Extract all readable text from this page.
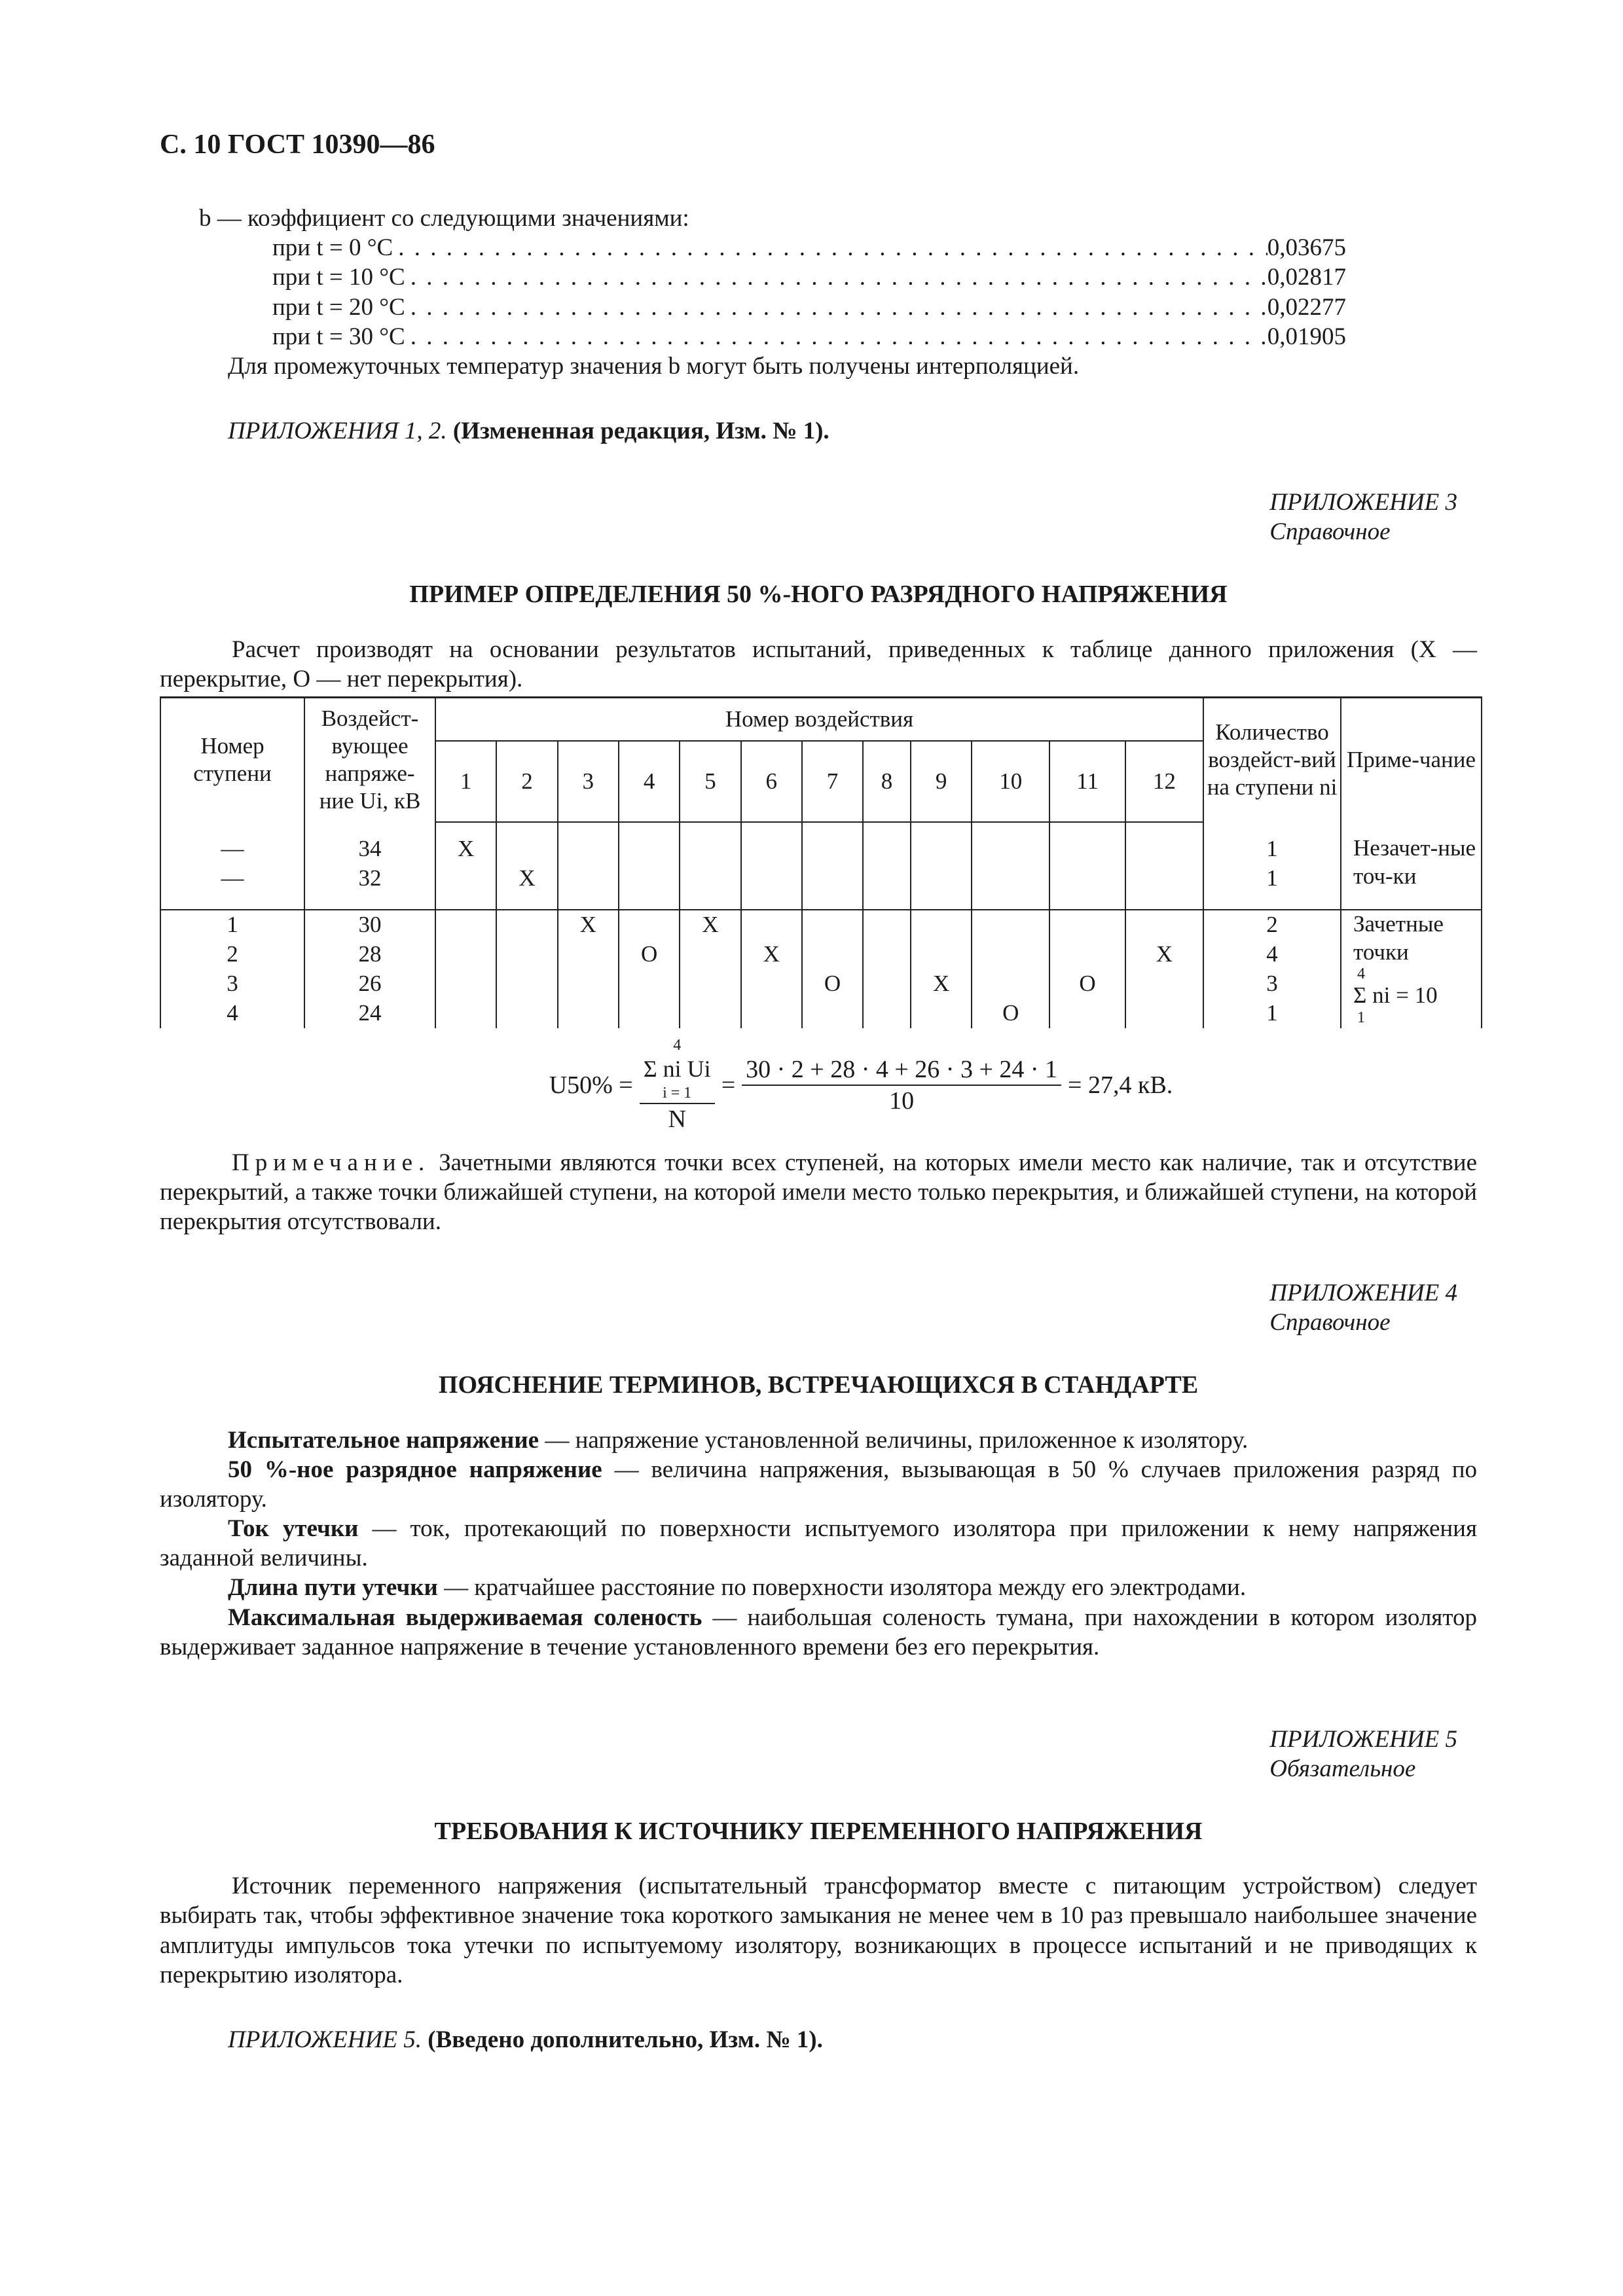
С. 10 ГОСТ 10390—86
b — коэффициент со следующими значениями:
при t = 0 °C . . .	0,03675
при t = 10 °C . . .	0,02817
при t = 20 °C . . .	0,02277
при t = 30 °C . . .	0,01905

Для промежуточных температур значения b могут быть получены интерполяцией.

ПРИЛОЖЕНИЯ 1, 2. (Измененная редакция, Изм. № 1).

ПРИЛОЖЕНИЕ 3
Справочное
ПРИМЕР ОПРЕДЕЛЕНИЯ 50 %-НОГО РАЗРЯДНОГО НАПРЯЖЕНИЯ

Расчет производят на основании результатов испытаний, приведенных к таблице данного приложения (Х — перекрытие, О — нет перекрытия).

Номер ступени	Воздейст-вующее напряже-ние Ui, кВ	Номер воздействия												Количество воздейст-вий на ступени ni	Приме-чание
		1	2	3	4	5	6	7	8	9	10	11	12		

—	34	X												1	Незачет-ные точ-ки
—	32		X											1	

1	30			X		X								2	Зачетные точки
4
Σ ni = 10
1

2	28				O		X						X	4	
3	26							O		X		O		3	
4	24										O			1	
U50% = 4
Σ ni Ui
i = 1
$N = \frac{30 \cdot 2 + 28 \cdot 4 + 26 \cdot 3 + 24 \cdot 1}{10} = 27,4$ кВ.

Примечание. Зачетными являются точки всех ступеней, на которых имели место как наличие, так и отсутствие перекрытий, а также точки ближайшей ступени, на которой имели место только перекрытия, и ближайшей ступени, на которой перекрытия отсутствовали.

ПРИЛОЖЕНИЕ 4
Справочное
ПОЯСНЕНИЕ ТЕРМИНОВ, ВСТРЕЧАЮЩИХСЯ В СТАНДАРТЕ

Испытательное напряжение — напряжение установленной величины, приложенное к изолятору.

50 %-ное разрядное напряжение — величина напряжения, вызывающая в 50 % случаев приложения разряд по изолятору.

Ток утечки — ток, протекающий по поверхности испытуемого изолятора при приложении к нему напряжения заданной величины.

Длина пути утечки — кратчайшее расстояние по поверхности изолятора между его электродами.

Максимальная выдерживаемая соленость — наибольшая соленость тумана, при нахождении в котором изолятор выдерживает заданное напряжение в течение установленного времени без его перекрытия.

ПРИЛОЖЕНИЕ 5
Обязательное
ТРЕБОВАНИЯ К ИСТОЧНИКУ ПЕРЕМЕННОГО НАПРЯЖЕНИЯ

Источник переменного напряжения (испытательный трансформатор вместе с питающим устройством) следует выбирать так, чтобы эффективное значение тока короткого замыкания не менее чем в 10 раз превышало наибольшее значение амплитуды импульсов тока утечки по испытуемому изолятору, возникающих в процессе испытаний и не приводящих к перекрытию изолятора.

ПРИЛОЖЕНИЕ 5. (Введено дополнительно, Изм. № 1).
